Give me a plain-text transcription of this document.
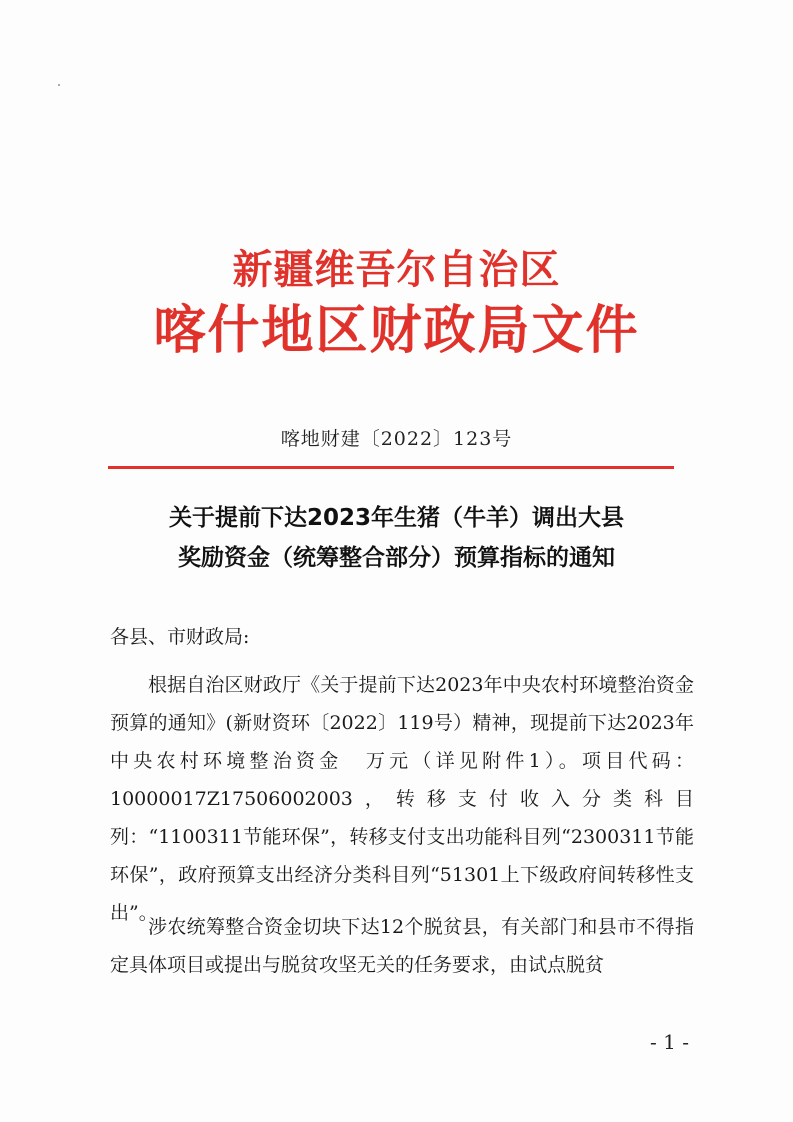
新疆维吾尔自治区
喀什地区财政局文件
喀地财建〔2022〕123号
关于提前下达2023年生猪（牛羊）调出大县
奖励资金（统筹整合部分）预算指标的通知
各县、市财政局:

根据自治区财政厅《关于提前下达2023年中央农村环境整治资金预算的通知》(新财资环〔2022〕119号）精神，现提前下达2023年中央农村环境整治资金　万元（详见附件1）。项目代码：10000017Z17506002003，转移支付收入分类科目列：“1100311节能环保”，转移支付支出功能科目列“2300311节能环保”，政府预算支出经济分类科目列“51301上下级政府间转移性支出”。

涉农统筹整合资金切块下达12个脱贫县，有关部门和县市不得指定具体项目或提出与脱贫攻坚无关的任务要求，由试点脱贫

- 1 -
